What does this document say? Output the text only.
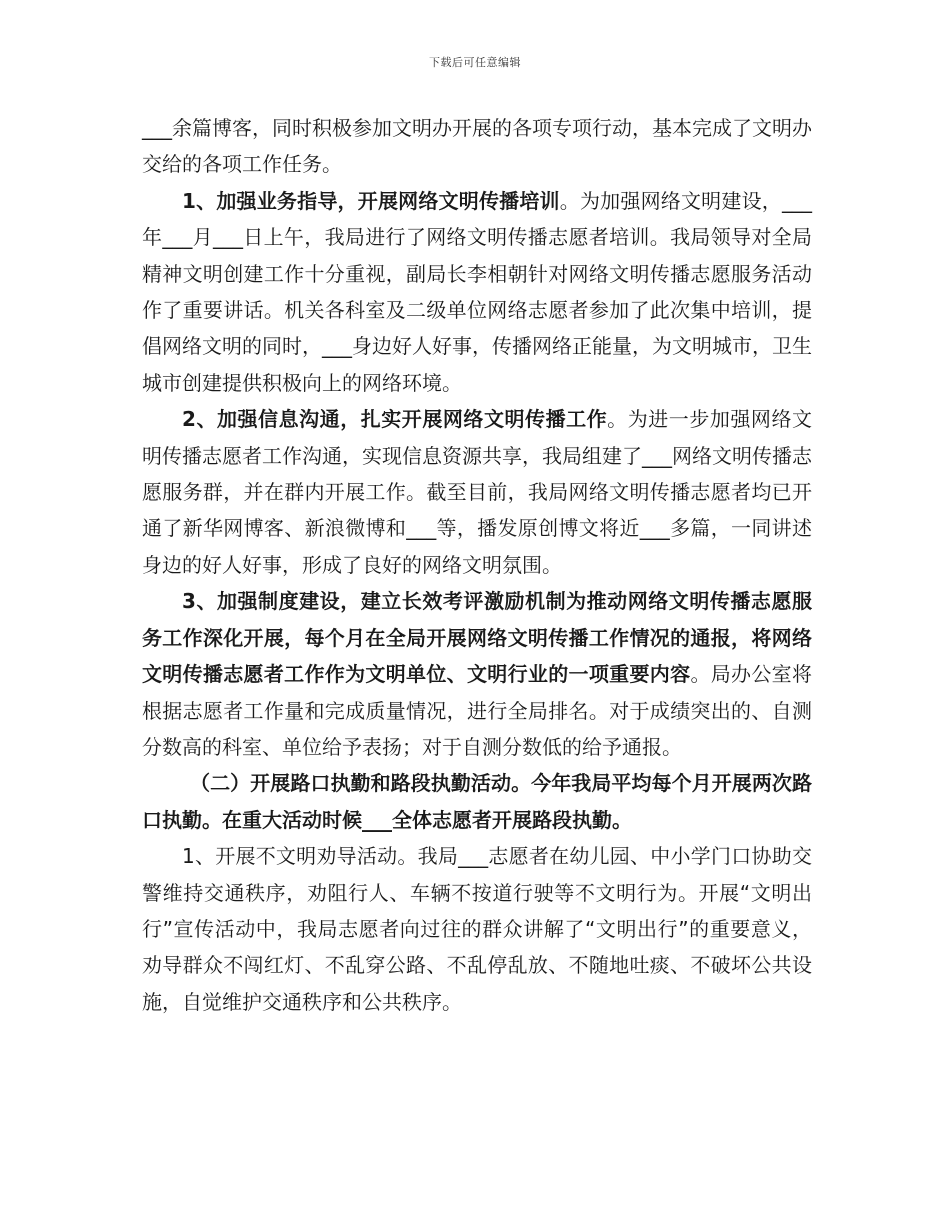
下载后可任意编辑

___余篇博客，同时积极参加文明办开展的各项专项行动，基本完成了文明办交给的各项工作任务。

1、加强业务指导，开展网络文明传播培训。为加强网络文明建设，___年___月___日上午，我局进行了网络文明传播志愿者培训。我局领导对全局精神文明创建工作十分重视，副局长李相朝针对网络文明传播志愿服务活动作了重要讲话。机关各科室及二级单位网络志愿者参加了此次集中培训，提倡网络文明的同时，___身边好人好事，传播网络正能量，为文明城市，卫生城市创建提供积极向上的网络环境。

2、加强信息沟通，扎实开展网络文明传播工作。为进一步加强网络文明传播志愿者工作沟通，实现信息资源共享，我局组建了___网络文明传播志愿服务群，并在群内开展工作。截至目前，我局网络文明传播志愿者均已开通了新华网博客、新浪微博和___等，播发原创博文将近___多篇，一同讲述身边的好人好事，形成了良好的网络文明氛围。

3、加强制度建设，建立长效考评激励机制为推动网络文明传播志愿服务工作深化开展，每个月在全局开展网络文明传播工作情况的通报，将网络文明传播志愿者工作作为文明单位、文明行业的一项重要内容。局办公室将根据志愿者工作量和完成质量情况，进行全局排名。对于成绩突出的、自测分数高的科室、单位给予表扬；对于自测分数低的给予通报。

（二）开展路口执勤和路段执勤活动。今年我局平均每个月开展两次路口执勤。在重大活动时候___全体志愿者开展路段执勤。

1、开展不文明劝导活动。我局___志愿者在幼儿园、中小学门口协助交警维持交通秩序，劝阻行人、车辆不按道行驶等不文明行为。开展“文明出行”宣传活动中，我局志愿者向过往的群众讲解了“文明出行”的重要意义，劝导群众不闯红灯、不乱穿公路、不乱停乱放、不随地吐痰、不破坏公共设施，自觉维护交通秩序和公共秩序。
